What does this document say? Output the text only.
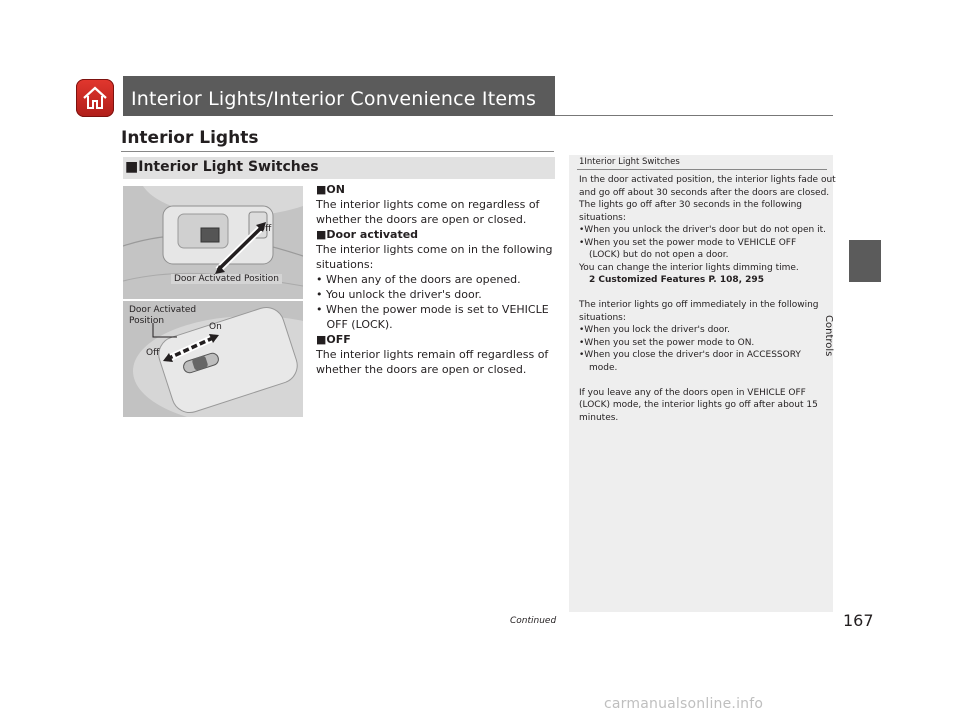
Interior Lights/Interior Convenience Items
Interior Lights
■Interior Light Switches
Off
Door Activated Position
Door Activated
Position
On
Off
■ON
The interior lights come on regardless of
whether the doors are open or closed.
■Door activated
The interior lights come on in the following
situations:
• When any of the doors are opened.
• You unlock the driver's door.
• When the power mode is set to VEHICLE
OFF (LOCK).
■OFF
The interior lights remain off regardless of
whether the doors are open or closed.
1Interior Light Switches
In the door activated position, the interior lights fade out
and go off about 30 seconds after the doors are closed.
The lights go off after 30 seconds in the following
situations:
•When you unlock the driver's door but do not open it.
•When you set the power mode to VEHICLE OFF
(LOCK) but do not open a door.
You can change the interior lights dimming time.
2 Customized Features P. 108, 295
The interior lights go off immediately in the following
situations:
•When you lock the driver's door.
•When you set the power mode to ON.
•When you close the driver's door in ACCESSORY
mode.
If you leave any of the doors open in VEHICLE OFF
(LOCK) mode, the interior lights go off after about 15
minutes.
Controls
Continued	167
carmanualsonline.info
